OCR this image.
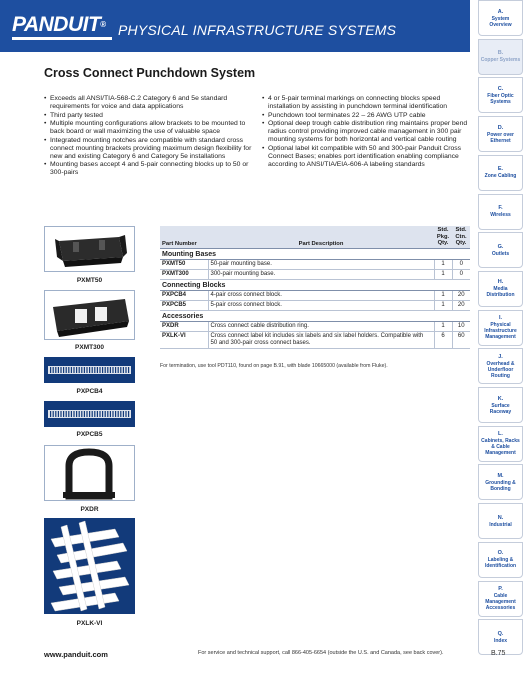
PANDUIT® PHYSICAL INFRASTRUCTURE SYSTEMS
A.
System Overview
B.
Copper Systems
C.
Fiber Optic Systems
D.
Power over Ethernet
E.
Zone Cabling
F.
Wireless
G.
Outlets
H.
Media Distribution
I.
Physical Infrastructure Management
J.
Overhead & Underfloor Routing
K.
Surface Raceway
L.
Cabinets, Racks & Cable Management
M.
Grounding & Bonding
N.
Industrial
O.
Labeling & Identification
P.
Cable Management Accessories
Q.
Index
Cross Connect Punchdown System
• Exceeds all ANSI/TIA-568-C.2 Category 6 and 5e standard requirements for voice and data applications
• Third party tested
• Multiple mounting configurations allow brackets to be mounted to back board or wall maximizing the use of valuable space
• Integrated mounting notches are compatible with standard cross connect mounting brackets providing maximum design flexibility for new and existing Category 6 and Category 5e installations
• Mounting bases accept 4 and 5-pair connecting blocks up to 50 or 300-pairs
• 4 or 5-pair terminal markings on connecting blocks speed installation by assisting in punchdown terminal identification
• Punchdown tool terminates 22 – 26 AWG UTP cable
• Optional deep trough cable distribution ring maintains proper bend radius control providing improved cable management in 300 pair mounting systems for both horizontal and vertical cable routing
• Optional label kit compatible with 50 and 300-pair Panduit Cross Connect Bases; enables port identification enabling compliance according to ANSI/TIA/EIA-606-A labeling standards
PXMT50
PXMT300
PXPCB4
PXPCB5
PXDR
PXLK-VI
Part Number	Part Description	Std. Pkg. Qty.	Std. Ctn. Qty.
Mounting Bases			
PXMT50	50-pair mounting base.	1	0
PXMT300	300-pair mounting base.	1	0
Connecting Blocks			
PXPCB4	4-pair cross connect block.	1	20
PXPCB5	5-pair cross connect block.	1	20
Accessories			
PXDR	Cross connect cable distribution ring.	1	10
PXLK-VI	Cross connect label kit includes six labels and six label holders. Compatible with 50 and 300-pair cross connect bases.	6	60
For termination, use tool PDT110, found on page B.91, with blade 10665000 (available from Fluke).
www.panduit.com	For service and technical support, call 866-405-6654 (outside the U.S. and Canada, see back cover).	B.75
